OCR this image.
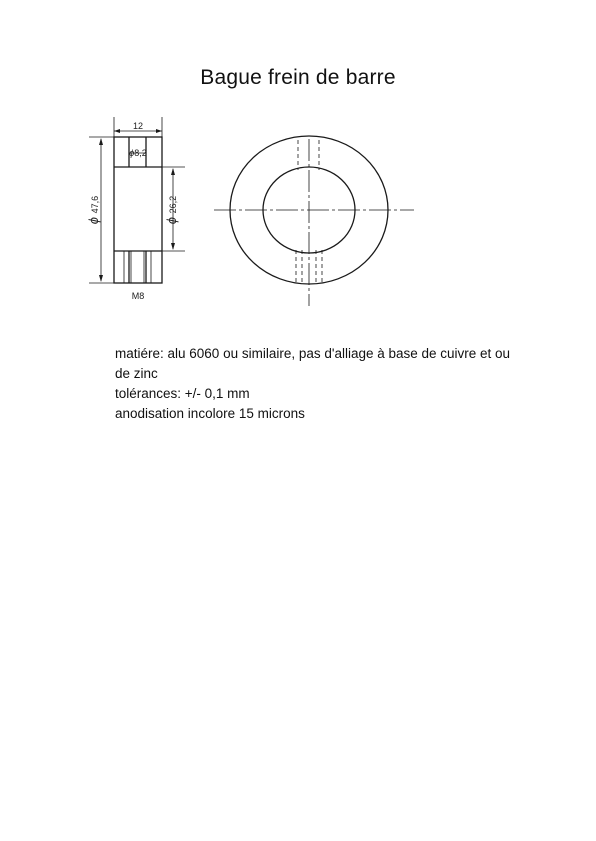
Bague frein de barre
12
ϕ 47,6
ϕ 26,2
ϕ8,2
M8
matiére: alu 6060 ou similaire, pas d'alliage à base de cuivre et ou de zinc
tolérances: +/- 0,1 mm
anodisation incolore 15 microns
